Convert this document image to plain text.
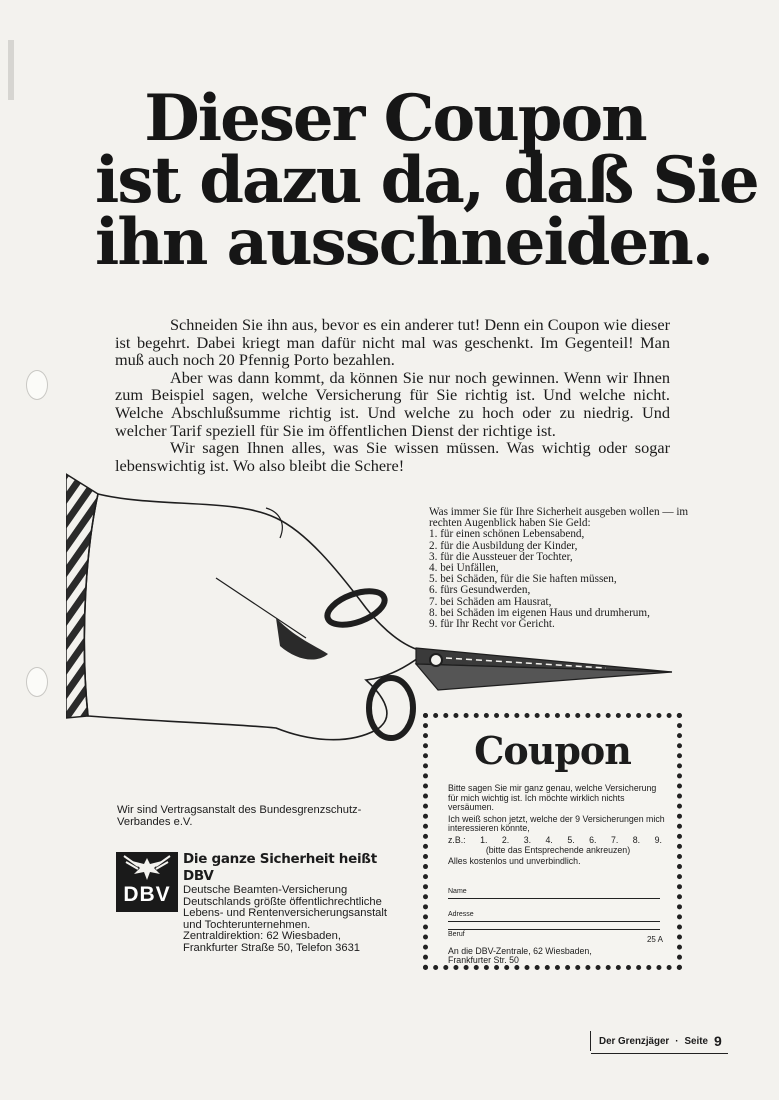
Dieser Coupon
ist dazu da, daß Sie
ihn ausschneiden.

Schneiden Sie ihn aus, bevor es ein anderer tut! Denn ein Coupon wie dieser ist begehrt. Dabei kriegt man dafür nicht mal was geschenkt. Im Gegenteil! Man muß auch noch 20 Pfennig Porto bezahlen.

Aber was dann kommt, da können Sie nur noch gewinnen. Wenn wir Ihnen zum Beispiel sagen, welche Versicherung für Sie richtig ist. Und welche nicht. Welche Abschlußsumme richtig ist. Und welche zu hoch oder zu niedrig. Und welcher Tarif speziell für Sie im öffentlichen Dienst der richtige ist.

Wir sagen Ihnen alles, was Sie wissen müssen. Was wichtig oder sogar lebenswichtig ist. Wo also bleibt die Schere!

Was immer Sie für Ihre Sicherheit ausgeben wollen — im rechten Augenblick haben Sie Geld:
1. für einen schönen Lebensabend,
2. für die Ausbildung der Kinder,
3. für die Aussteuer der Tochter,
4. bei Unfällen,
5. bei Schäden, für die Sie haften müssen,
6. fürs Gesundwerden,
7. bei Schäden am Hausrat,
8. bei Schäden im eigenen Haus und drumherum,
9. für Ihr Recht vor Gericht.
Coupon

Bitte sagen Sie mir ganz genau, welche Versicherung für mich wichtig ist. Ich möchte wirklich nichts versäumen.

Ich weiß schon jetzt, welche der 9 Versicherungen mich interessieren könnte,

z.B.: 1. 2. 3. 4. 5. 6. 7. 8. 9.

(bitte das Entsprechende ankreuzen)

Alles kostenlos und unverbindlich.

Name
Adresse
Beruf
25 A
An die DBV-Zentrale, 62 Wiesbaden,
Frankfurter Str. 50
Wir sind Vertragsanstalt des Bundesgrenzschutz-Verbandes e.V.
DBV
Die ganze Sicherheit heißt DBV
Deutsche Beamten-Versicherung
Deutschlands größte öffentlichrechtliche
Lebens- und Rentenversicherungsanstalt
und Tochterunternehmen.
Zentraldirektion: 62 Wiesbaden,
Frankfurter Straße 50, Telefon 3631
Der Grenzjäger · Seite 9
